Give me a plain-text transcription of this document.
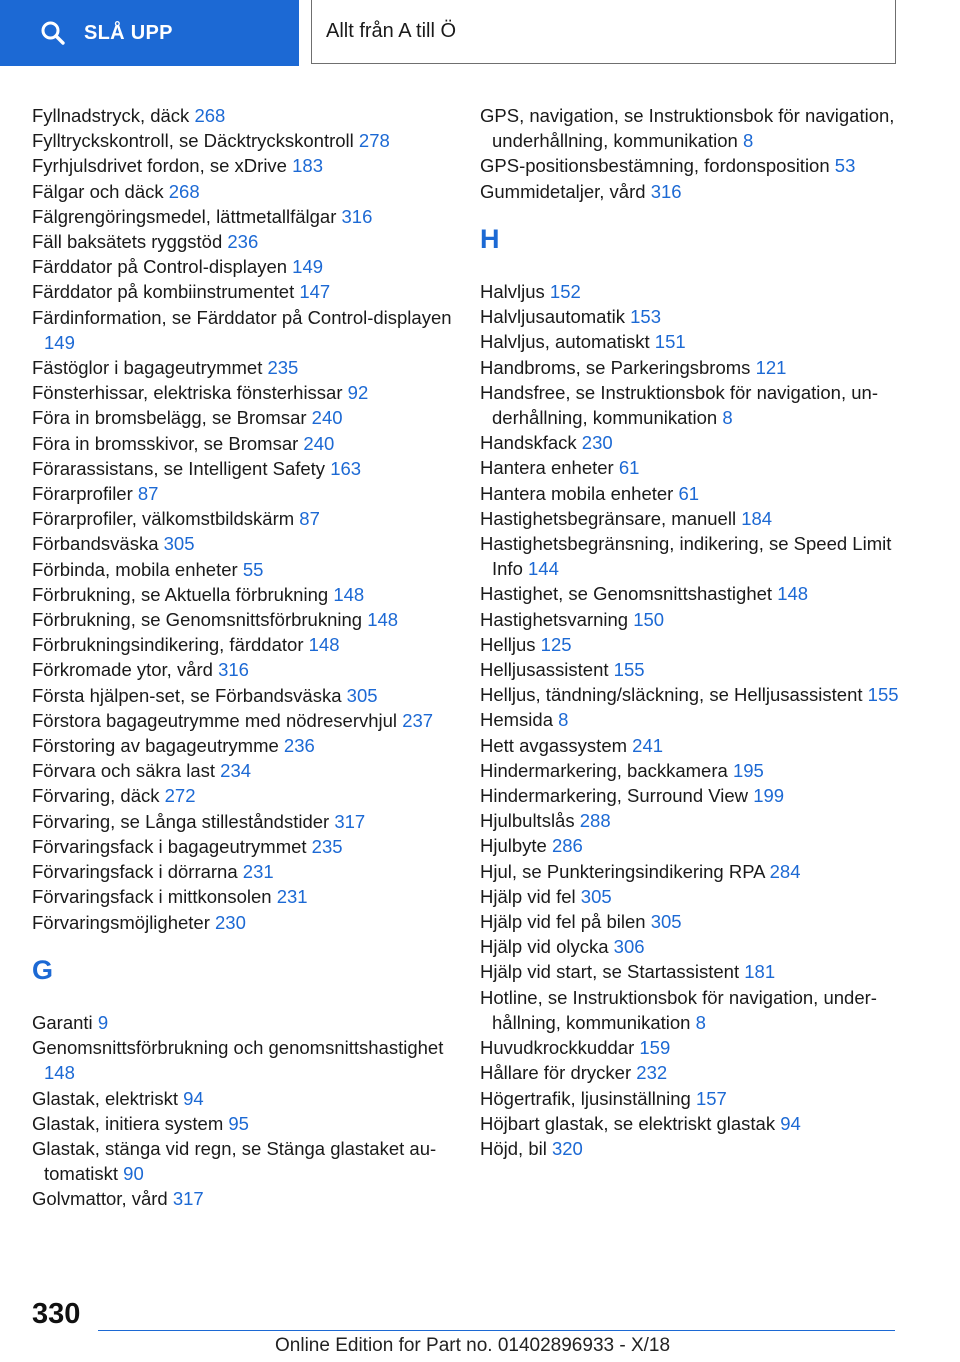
SLÅ UPP	Allt från A till Ö
Fyllnadstryck, däck 268
Fylltryckskontroll, se Däcktryckskontroll 278
Fyrhjulsdrivet fordon, se xDrive 183
Fälgar och däck 268
Fälgrengöringsmedel, lättmetallfälgar 316
Fäll baksätets ryggstöd 236
Färddator på Control-displayen 149
Färddator på kombiinstrumentet 147
Färdinformation, se Färddator på Control-displayen 149
Fästöglor i bagageutrymmet 235
Fönsterhissar, elektriska fönsterhissar 92
Föra in bromsbelägg, se Bromsar 240
Föra in bromsskivor, se Bromsar 240
Förarassistans, se Intelligent Safety 163
Förarprofiler 87
Förarprofiler, välkomstbildskärm 87
Förbandsväska 305
Förbinda, mobila enheter 55
Förbrukning, se Aktuella förbrukning 148
Förbrukning, se Genomsnittsförbrukning 148
Förbrukningsindikering, färddator 148
Förkromade ytor, vård 316
Första hjälpen-set, se Förbandsväska 305
Förstora bagageutrymme med nödreservhjul 237
Förstoring av bagageutrymme 236
Förvara och säkra last 234
Förvaring, däck 272
Förvaring, se Långa stilleståndstider 317
Förvaringsfack i bagageutrymmet 235
Förvaringsfack i dörrarna 231
Förvaringsfack i mittkonsolen 231
Förvaringsmöjligheter 230
G
Garanti 9
Genomsnittsförbrukning och genomsnittshastighet 148
Glastak, elektriskt 94
Glastak, initiera system 95
Glastak, stänga vid regn, se Stänga glastaket automatiskt 90
Golvmattor, vård 317
GPS, navigation, se Instruktionsbok för navigation, underhållning, kommunikation 8
GPS-positionsbestämning, fordonsposition 53
Gummidetaljer, vård 316
H
Halvljus 152
Halvljusautomatik 153
Halvljus, automatiskt 151
Handbroms, se Parkeringsbroms 121
Handsfree, se Instruktionsbok för navigation, underhållning, kommunikation 8
Handskfack 230
Hantera enheter 61
Hantera mobila enheter 61
Hastighetsbegränsare, manuell 184
Hastighetsbegränsning, indikering, se Speed Limit Info 144
Hastighet, se Genomsnittshastighet 148
Hastighetsvarning 150
Helljus 125
Helljusassistent 155
Helljus, tändning/släckning, se Helljusassistent 155
Hemsida 8
Hett avgassystem 241
Hindermarkering, backkamera 195
Hindermarkering, Surround View 199
Hjulbultslås 288
Hjulbyte 286
Hjul, se Punkteringsindikering RPA 284
Hjälp vid fel 305
Hjälp vid fel på bilen 305
Hjälp vid olycka 306
Hjälp vid start, se Startassistent 181
Hotline, se Instruktionsbok för navigation, underhållning, kommunikation 8
Huvudkrockkuddar 159
Hållare för drycker 232
Högertrafik, ljusinställning 157
Höjbart glastak, se elektriskt glastak 94
Höjd, bil 320
330
Online Edition for Part no. 01402896933 - X/18
